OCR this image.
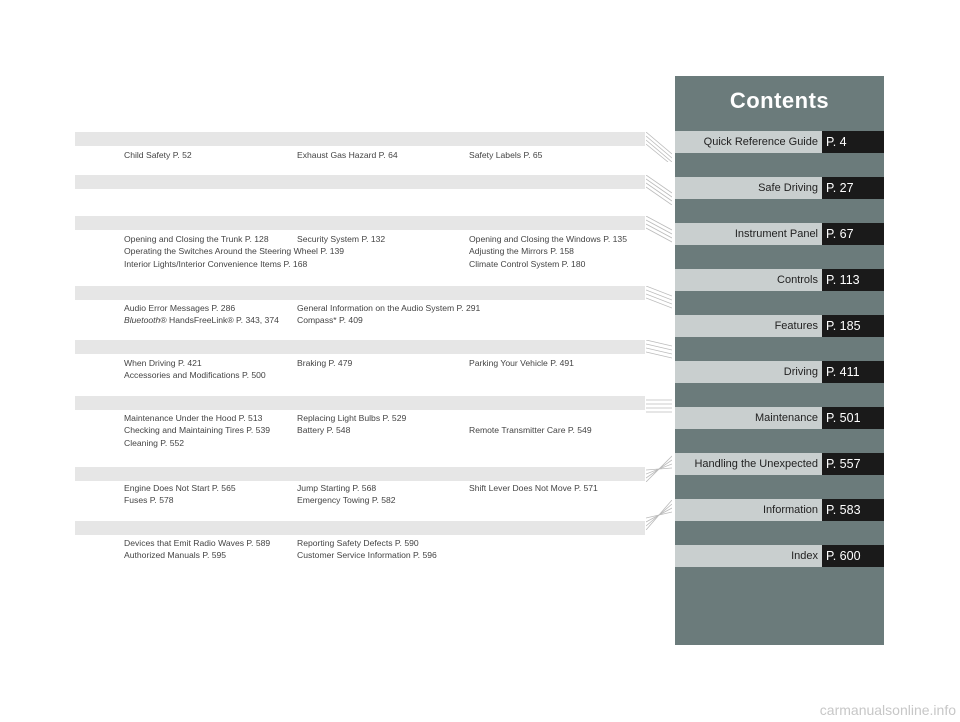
Child Safety P. 52	Exhaust Gas Hazard P. 64	Safety Labels P. 65
Opening and Closing the Trunk P. 128	Security System P. 132	Opening and Closing the Windows P. 135
Operating the Switches Around the Steering Wheel P. 139	Adjusting the Mirrors P. 158
Interior Lights/Interior Convenience Items P. 168	Climate Control System P. 180
Audio Error Messages P. 286	General Information on the Audio System P. 291
Bluetooth® HandsFreeLink® P. 343, 374 Compass* P. 409
When Driving P. 421	Braking P. 479	Parking Your Vehicle P. 491
Accessories and Modifications P. 500
Maintenance Under the Hood P. 513	Replacing Light Bulbs P. 529
Checking and Maintaining Tires P. 539	Battery P. 548	Remote Transmitter Care P. 549
Cleaning P. 552
Engine Does Not Start P. 565	Jump Starting P. 568	Shift Lever Does Not Move P. 571
Fuses P. 578	Emergency Towing P. 582
Devices that Emit Radio Waves P. 589	Reporting Safety Defects P. 590
Authorized Manuals P. 595	Customer Service Information P. 596
Contents
Quick Reference Guide P. 4
Safe Driving P. 27
Instrument Panel P. 67
Controls P. 113
Features P. 185
Driving P. 411
Maintenance P. 501
Handling the Unexpected P. 557
Information P. 583
Index P. 600
carmanualsonline.info
